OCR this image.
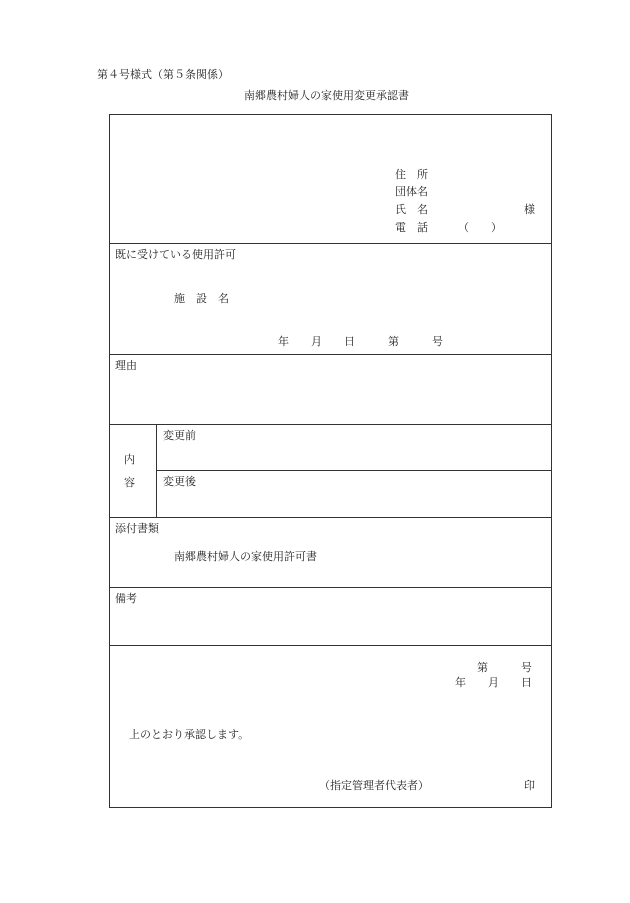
第４号様式（第５条関係）
南郷農村婦人の家使用変更承認書
住　所
団体名
氏　名	様
電　話	（　　）
既に受けている使用許可
施　設　名
年　　月　　日　　　第　　　号
理由
内
容
変更前
変更後
添付書類
南郷農村婦人の家使用許可書
備考
第　　　号
年　　月　　日
上のとおり承認します。
（指定管理者代表者）	印
